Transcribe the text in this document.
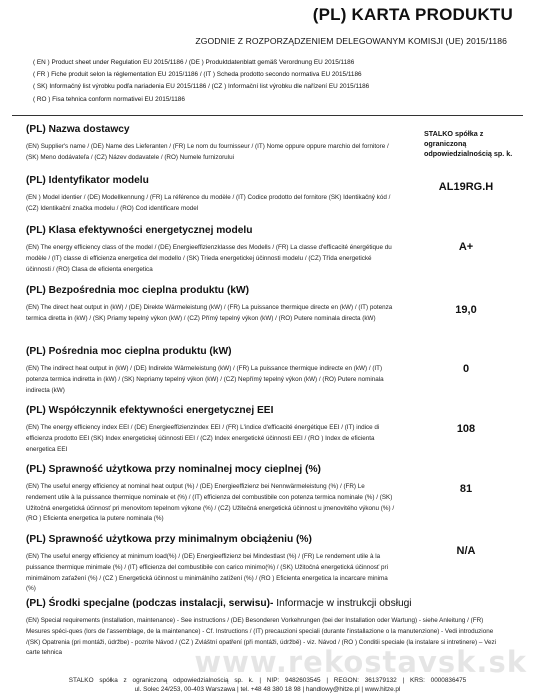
(PL) KARTA PRODUKTU
ZGODNIE Z ROZPORZĄDZENIEM DELEGOWANYM KOMISJI (UE) 2015/1186
( EN ) Product sheet under Regulation EU 2015/1186 / (DE ) Produktdatenblatt gemäß Verordnung EU 2015/1186
( FR ) Fiche produit selon la réglementation EU 2015/1186 / (IT ) Scheda prodotto secondo normativa EU 2015/1186
( SK) Informačný list výrobku podľa nariadenia EU 2015/1186 / (CZ ) Informační list výrobku dle nařízení EU 2015/1186
( RO ) Fisa tehnica conform normativei EU 2015/1186
(PL) Nazwa dostawcy
(EN) Supplier's name / (DE) Name des Lieferanten / (FR) Le nom du fournisseur / (IT) Nome oppure oppure marchio del fornitore / (SK) Meno dodávateľa / (CZ) Název dodavatele / (RO) Numele furnizorului
STALKO spółka z ograniczoną odpowiedzialnością sp. k.
(PL) Identyfikator modelu
(EN ) Model identier / (DE) Modellkennung / (FR) La référence du modèle / (IT) Codice prodotto del fornitore (SK) Identikačný kód / (CZ) Identikační značka modelu / (RO) Cod identificare model
AL19RG.H
(PL) Klasa efektywności energetycznej modelu
(EN) The energy efficiency class of the model / (DE) Energieeffizienzklasse des Modells / (FR) La classe d'efficacité énergétique du modèle / (IT) classe di efficienza energetica del modello / (SK) Trieda energetickej účinnosti modelu / (CZ) Třída energetické účinnosti / (RO) Clasa de eficienta energetica
A+
(PL) Bezpośrednia moc cieplna produktu (kW)
(EN) The direct heat output in (kW) / (DE) Direkte Wärmeleistung (kW) / (FR) La puissance thermique directe en (kW) / (IT) potenza termica diretta in (kW) / (SK) Priamy tepelný výkon (kW) / (CZ) Přímý tepelný výkon (kW) / (RO) Putere nominala directa (kW)
19,0
(PL) Pośrednia moc cieplna produktu (kW)
(EN) The indirect heat output in (kW) / (DE) Indirekte Wärmeleistung (kW) / (FR) La puissance thermique indirecte en (kW) / (IT) potenza termica indiretta in (kW) / (SK) Nepriamy tepelný výkon (kW) / (CZ) Nepřímý tepelný výkon (kW) / (RO) Putere nominala indirecta (kW)
0
(PL) Współczynnik efektywności energetycznej EEI
(EN) The energy efficiency index EEI / (DE) Energieeffizienzindex EEI / (FR) L'indice d'efficacité énergétique EEI / (IT) indice di efficienza prodotto EEI (SK) Index energetickej účinnosti EEI / (CZ) Index energetické účinnosti EEI / (RO ) Index de eficienta energetica EEI
108
(PL) Sprawność użytkowa przy nominalnej mocy cieplnej (%)
(EN) The useful energy efficiency at nominal heat output (%) / (DE) Energieeffizienz bei Nennwärmeleistung (%) / (FR) Le rendement utile à la puissance thermique nominale et (%) / (IT) efficienza del combustibile con potenza termica nominale (%) / (SK) Užitočná energetická účinnosť pri menovitom tepelnom výkone (%) / (CZ) Užitečná energetická účinnost u jmenovitého výkonu (%) / (RO ) Eficienta energetica la putere nominala (%)
81
(PL) Sprawność użytkowa przy minimalnym obciążeniu (%)
(EN) The useful energy efficiency at minimum load(%) / (DE) Energieeffizienz bei Mindestlast (%) / (FR) Le rendement utile à la puissance thermique minimale (%) / (IT) efficienza del combustibile con carico minimo(%) / (SK) Užitočná energetická účinnosť pri minimálnom zaťažení (%) / (CZ ) Energetická účinnost u minimálního zatížení (%) / (RO ) Eficienta energetica la incarcare minima (%)
N/A
(PL) Środki specjalne (podczas instalacji, serwisu)- Informacje w instrukcji obsługi
(EN) Special requirements (installation, maintenance) - See instructions / (DE) Besonderen Vorkehrungen (bei der Installation oder Wartung) - siehe Anleitung / (FR) Mesures spéci-ques (lors de l'assemblage, de la maintenance) - Cf. Instructions / (IT) precauzioni speciali (durante l'installazione o la manutenzione) - Vedi introduzione /(SK) Opatrenia (pri montáži, údržbe) - pozrite Návod / (CZ ) Zvláštní opatření (při montáži, údržbě) - viz. Návod / (RO ) Conditii speciale (la instalare si intretinere) – Vezi carte tehnica	www.rekostavsk.sk
STALKO spółka z ograniczoną odpowiedzialnością sp. k. | NIP: 9482603545 | REGON: 361379132 | KRS: 0000836475
ul. Solec 24/253, 00-403 Warszawa | tel. +48 48 380 18 98 | handlowy@hitze.pl | www.hitze.pl
